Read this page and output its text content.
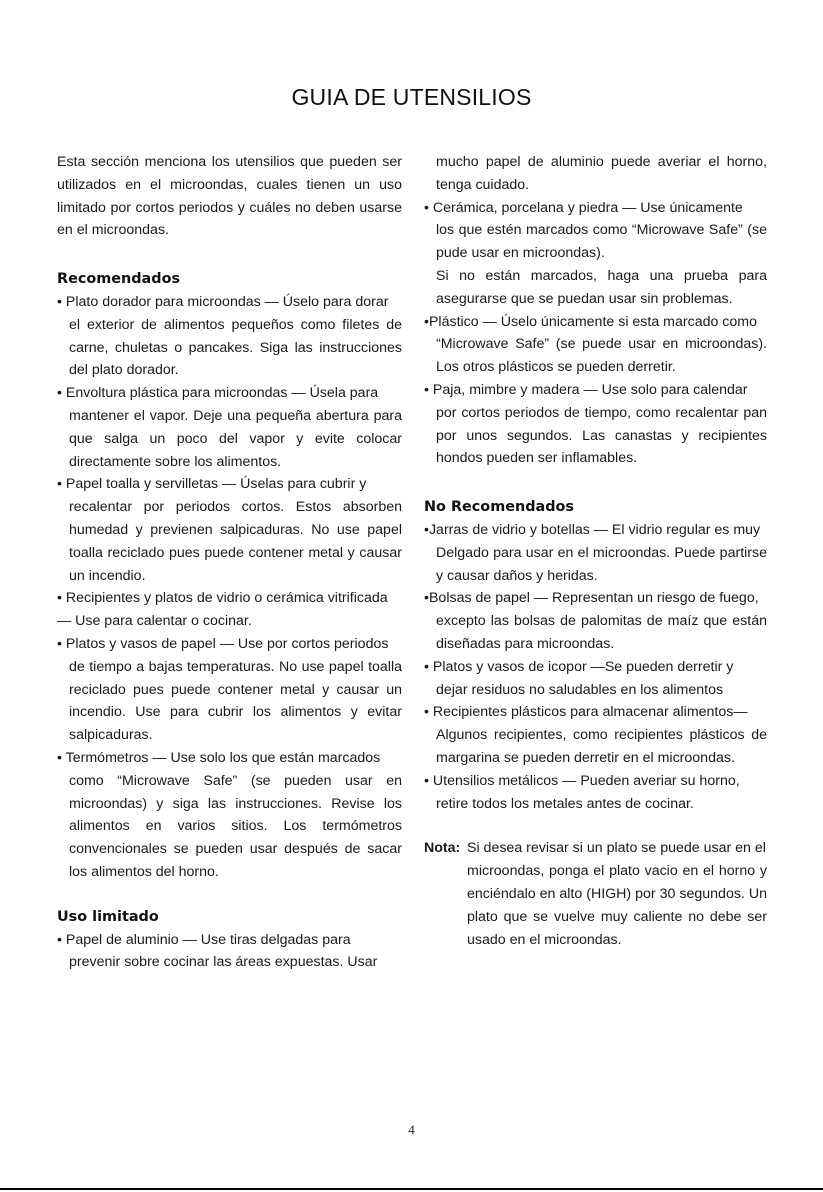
GUIA DE UTENSILIOS

Esta sección menciona los utensilios que pueden ser utilizados en el microondas, cuales tienen un uso limitado por cortos periodos y cuáles no deben usarse en el microondas.

Recomendados

• Plato dorador para microondas — Úselo para dorar

el exterior de alimentos pequeños como filetes de carne, chuletas o pancakes. Siga las instrucciones del plato dorador.

• Envoltura plástica para microondas — Úsela para

mantener el vapor. Deje una pequeña abertura para que salga un poco del vapor y evite colocar directamente sobre los alimentos.

• Papel toalla y servilletas — Úselas para cubrir y

recalentar por periodos cortos. Estos absorben humedad y previenen salpicaduras. No use papel toalla reciclado pues puede contener metal y causar un incendio.

• Recipientes y platos de vidrio o cerámica vitrificada

— Use para calentar o cocinar.

• Platos y vasos de papel — Use por cortos periodos

de tiempo a bajas temperaturas. No use papel toalla reciclado pues puede contener metal y causar un incendio. Use para cubrir los alimentos y evitar salpicaduras.

• Termómetros — Use solo los que están marcados

como “Microwave Safe” (se pueden usar en microondas) y siga las instrucciones. Revise los alimentos en varios sitios. Los termómetros convencionales se pueden usar después de sacar los alimentos del horno.

Uso limitado

• Papel de aluminio — Use tiras delgadas para

prevenir sobre cocinar las áreas expuestas. Usar

mucho papel de aluminio puede averiar el horno, tenga cuidado.

• Cerámica, porcelana y piedra — Use únicamente

los que estén marcados como “Microwave Safe” (se pude usar en microondas).

Si no están marcados, haga una prueba para asegurarse que se puedan usar sin problemas.

•Plástico — Úselo únicamente si esta marcado como

“Microwave Safe” (se puede usar en microondas). Los otros plásticos se pueden derretir.

• Paja, mimbre y madera — Use solo para calendar

por cortos periodos de tiempo, como recalentar pan por unos segundos. Las canastas y recipientes hondos pueden ser inflamables.

No Recomendados

•Jarras de vidrio y botellas — El vidrio regular es muy

Delgado para usar en el microondas. Puede partirse y causar daños y heridas.

•Bolsas de papel — Representan un riesgo de fuego,

excepto las bolsas de palomitas de maíz que están diseñadas para microondas.

• Platos y vasos de icopor —Se pueden derretir y

dejar residuos no saludables en los alimentos

• Recipientes plásticos para almacenar alimentos—

Algunos recipientes, como recipientes plásticos de margarina se pueden derretir en el microondas.

• Utensilios metálicos — Pueden averiar su horno,

retire todos los metales antes de cocinar.

Nota: Si desea revisar si un plato se puede usar en el

microondas, ponga el plato vacio en el horno y enciéndalo en alto (HIGH) por 30 segundos. Un plato que se vuelve muy caliente no debe ser usado en el microondas.

4
